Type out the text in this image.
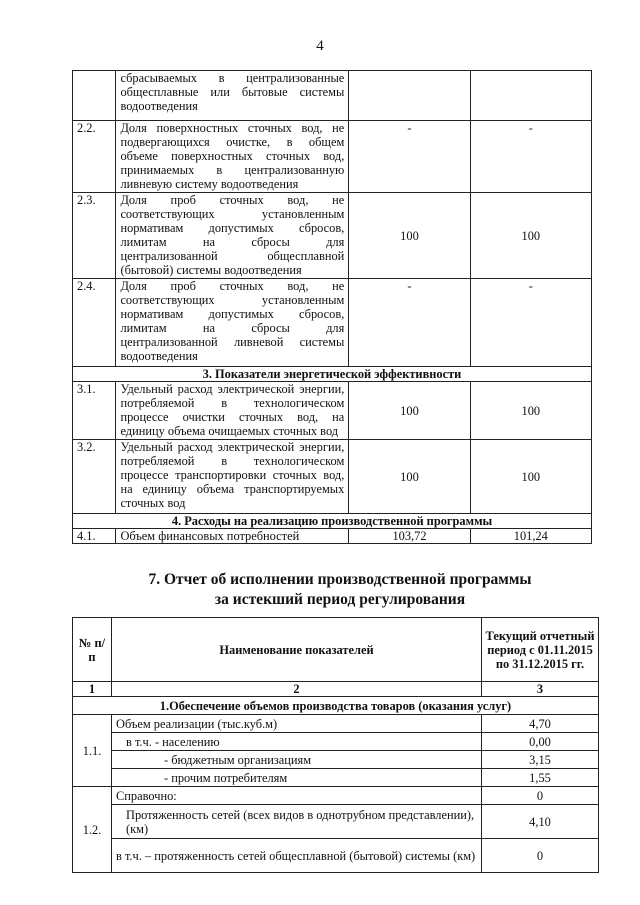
4
	сбрасываемых в централизованные общесплавные или бытовые системы водоотведения		
2.2.	Доля поверхностных сточных вод, не подвергающихся очистке, в общем объеме поверхностных сточных вод, принимаемых в централизованную ливневую систему водоотведения	-	-
2.3.	Доля проб сточных вод, не соответствующих установленным нормативам допустимых сбросов, лимитам на сбросы для централизованной общесплавной (бытовой) системы водоотведения	100	100
2.4.	Доля проб сточных вод, не соответствующих установленным нормативам допустимых сбросов, лимитам на сбросы для централизованной ливневой системы водоотведения	-	-
3. Показатели энергетической эффективности			
3.1.	Удельный расход электрической энергии, потребляемой в технологическом процессе очистки сточных вод, на единицу объема очищаемых сточных вод	100	100
3.2.	Удельный расход электрической энергии, потребляемой в технологическом процессе транспортировки сточных вод, на единицу объема транспортируемых сточных вод	100	100
4. Расходы на реализацию производственной программы			
4.1.	Объем финансовых потребностей	103,72	101,24
7. Отчет об исполнении производственной программы
за истекший период регулирования
№ п/п	Наименование показателей	Текущий отчетный период с 01.11.2015 по 31.12.2015 гг.
1	2	3
1.Обеспечение объемов производства товаров (оказания услуг)		
1.1.	Объем реализации (тыс.куб.м)	4,70
	в т.ч. - населению	0,00
	- бюджетным организациям	3,15
	- прочим потребителям	1,55
1.2.	Справочно:	0
	Протяженность сетей (всех видов в однотрубном представлении), (км)	4,10
	в т.ч. – протяженность сетей общесплавной (бытовой) системы (км)	0
